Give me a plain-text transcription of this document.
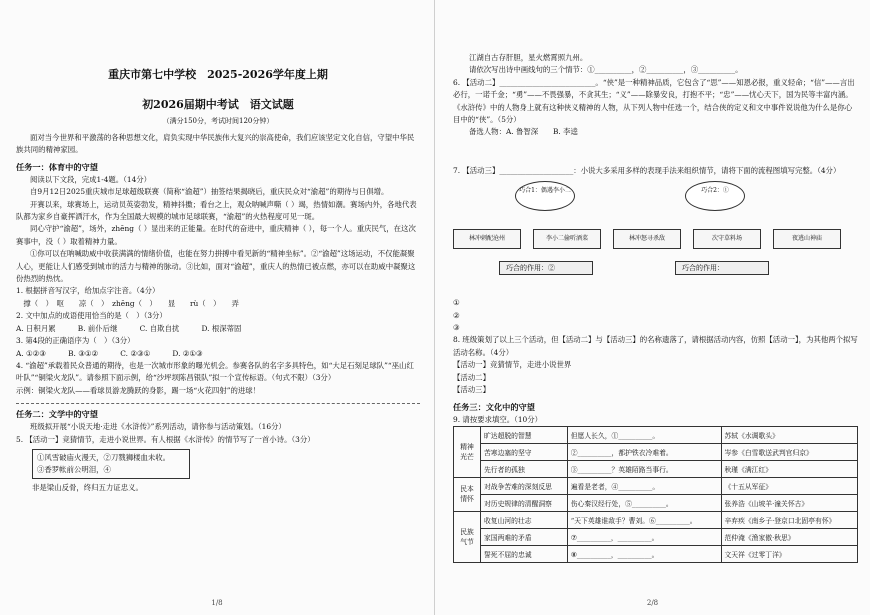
重庆市第七中学校　2025-2026学年度上期
初2026届期中考试　语文试题
（满分150分，考试时间120分钟）

面对当今世界和平激荡的各种思想文化，肩负实现中华民族伟大复兴的崇高使命，我们应该坚定文化自信，守望中华民族共同的精神家园。

任务一：体育中的守望

阅读以下文段，完成1-4题。（14分）

自9月12日2025重庆城市足球超级联赛（简称“渝超”）抽签结果揭晓后，重庆民众对“渝超”的期待与日俱增。

开赛以来，球赛场上，运动员英姿勃发，精神抖擞；看台之上，观众呐喊声嘶（ ）竭，热情如潮。赛场内外，各地代表队都为家乡自豪挥洒汗水，作为全国最大规模的城市足球联赛，“渝超”的火热程度可见一斑。

同心守护“渝超”，场外，zhēng（ ）显出来的正能量。在时代的奋进中，重庆精神（ ），每一个人。重庆民气，在这次赛事中，没（ ）取着精神力量。

①你可以在呐喊助威中收获满满的情绪价值，也能在努力拼搏中看见新的“精神坐标”。②“渝超”这场运动，不仅能凝聚人心，更能让人们感受到城市的活力与精神的脉动。③比如，面对“渝超”，重庆人的热情已被点燃，亦可以在助威中凝聚这份热烈的热忱。

1. 根据拼音写汉字，给加点字注音。（4分）

　撑（　）　呕　　凉（　）　zhēng（　）　　显　　rù（　）　　弄

2. 文中加点的成语使用恰当的是（　）（3分）

A. 日积月累　　　B. 前仆后继　　　C. 自欺自扰　　　D. 根深蒂固

3. 第4段的正确语序为（　）（3分）

A. ①②③　　　B. ③①②　　　C. ②③①　　　D. ②①③

4. “渝超”承载着民众普通的期待，也是一次城市形象的曝光机会。参赛各队的名字多具特色，如“大足石刻足球队”“巫山红叶队”“铜梁火龙队”。请参照下面示例，给“沙坪坝陈昌银队”拟一个宣传标语。（句式不限）（3分）

示例：铜梁火龙队——看球员游龙腾跃的身影，踢一场“火花四射”的进球！

任务二：文学中的守望

班级拟开展“小说天地·走进《水浒传》”系列活动，请你参与活动策划。（16分）

5. 【活动一】竞猜情节，走进小说世界。有人根据《水浒传》的情节写了一首小诗。（3分）

①风雪破庙火漫天，②刀戮狮楼血未收。
③香罗帐前公明泪，④

非是梁山反骨，终归五力证忠义。

1/8

江湖自古存肝胆，星火燃霄照九州。

请依次写出诗中画线句的三个情节：①__________，②__________，③__________。

6. 【活动二】__________________________。“侠”是一种精神品质，它包含了“思”——知恩必报，重义轻命；“信”——言出必行，一诺千金；“勇”——不畏强暴，不贪其生；“义”——除暴安良，打抱不平；“忠”——忧心天下，国为民等丰富内涵。《水浒传》中的人物身上就有这种侠义精神的人物，从下列人物中任选一个，结合侠的定义和文中事件说说他为什么是你心目中的“侠”。（5分）

备选人物：A. 鲁智深　　B. 李逵

7. 【活动三】____________________：小说大多采用多样的表现手法来组织情节，请将下面的流程图填写完整。（4分）

巧合1：偶遇李小二	巧合2：①
林冲刺配沧州	李小二偷听酒菜	林冲怒寻杀敌	次守草料场	夜逃山神庙
巧合的作用：②	巧合的作用：

①

②

③

8. 班级策划了以上三个活动，但【活动二】与【活动三】的名称遗落了，请根据活动内容，仿照【活动一】，为其他两个拟写活动名称。（4分）

【活动一】竞猜情节，走进小说世界

【活动二】

【活动三】

任务三：文化中的守望

9. 请按要求填空。（10分）

精神光芒	旷达超脱的智慧	但愿人长久，①__________。	苏轼《水调歌头》
	苦寒边塞的坚守	②__________，都护铁衣冷难着。	岑参《白雪歌送武判官归京》
	先行者的孤独	③__________？英雄陌路当事行。	秋瑾《满江红》
民本情怀	对战争苦难的深刻反思	遍看是老者，④__________。	《十五从军征》
	对历史规律的清醒洞察	伤心秦汉经行处，⑤__________。	张养浩《山坡羊·潼关怀古》
民族气节	收复山河的壮志	“天下英雄谁敌手？曹刘。⑥__________。	辛弃疾《南乡子·登京口北固亭有怀》
	家国两难的矛盾	⑦__________，__________。	范仲淹《渔家傲·秋思》
	誓死不屈的忠诚	⑧__________，__________。	文天祥《过零丁洋》
2/8
